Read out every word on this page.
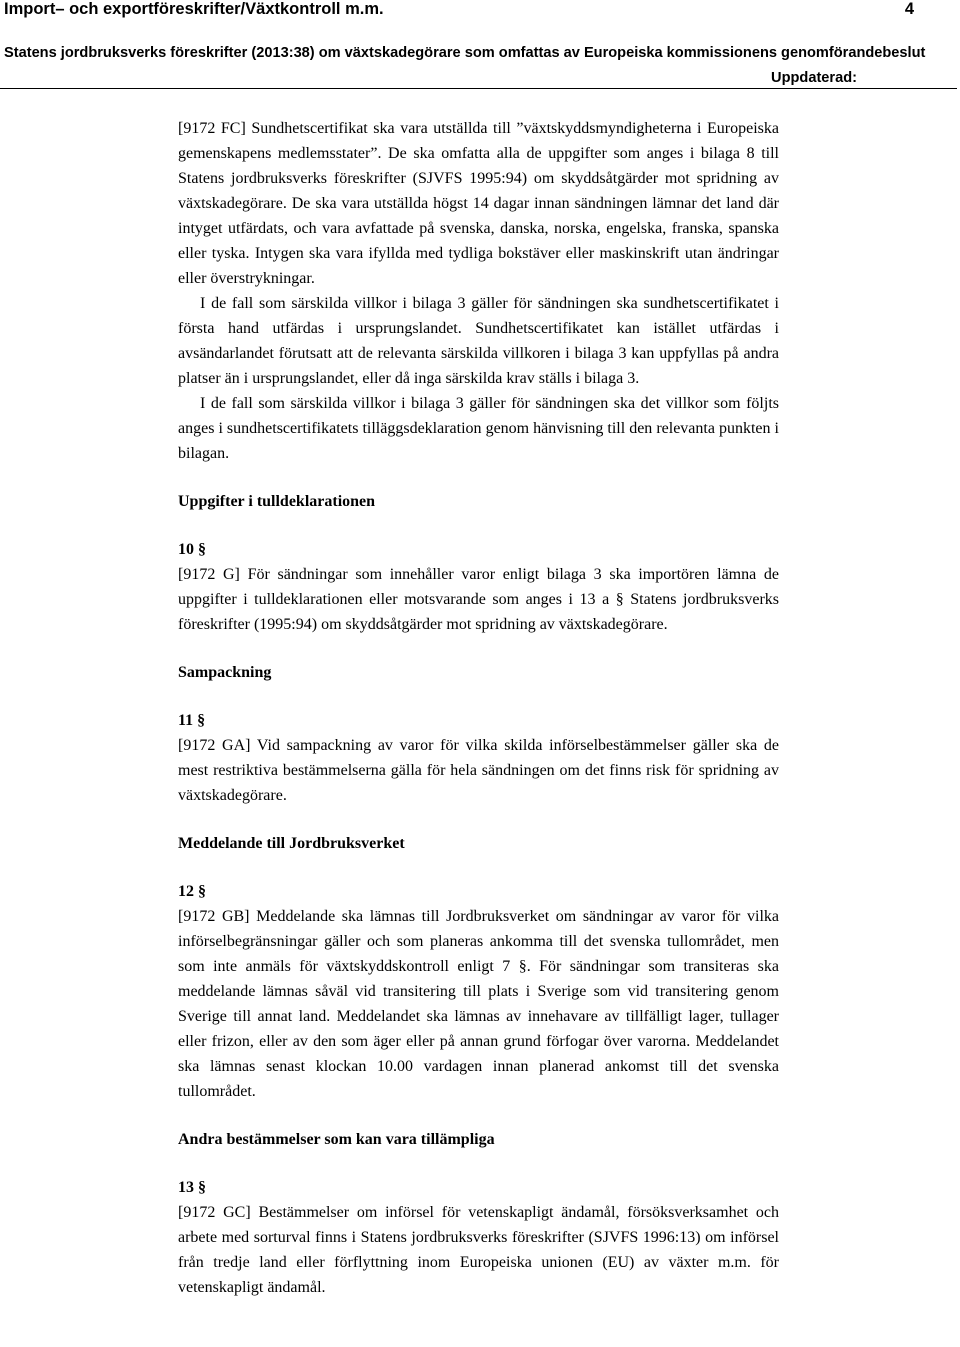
Import– och exportföreskrifter/Växtkontroll m.m.	4
Statens jordbruksverks föreskrifter (2013:38) om växtskadegörare som omfattas av Europeiska kommissionens genomförandebeslut
Uppdaterad:

[9172 FC] Sundhetscertifikat ska vara utställda till ”växtskyddsmyndigheterna i Europeiska gemenskapens medlemsstater”. De ska omfatta alla de uppgifter som anges i bilaga 8 till Statens jordbruksverks föreskrifter (SJVFS 1995:94) om skyddsåtgärder mot spridning av växtskadegörare. De ska vara utställda högst 14 dagar innan sändningen lämnar det land där intyget utfärdats, och vara avfattade på svenska, danska, norska, engelska, franska, spanska eller tyska. Intygen ska vara ifyllda med tydliga bokstäver eller maskinskrift utan ändringar eller överstrykningar.

I de fall som särskilda villkor i bilaga 3 gäller för sändningen ska sundhetscertifikatet i första hand utfärdas i ursprungslandet. Sundhetscertifikatet kan istället utfärdas i avsändarlandet förutsatt att de relevanta särskilda villkoren i bilaga 3 kan uppfyllas på andra platser än i ursprungslandet, eller då inga särskilda krav ställs i bilaga 3.

I de fall som särskilda villkor i bilaga 3 gäller för sändningen ska det villkor som följts anges i sundhetscertifikatets tilläggsdeklaration genom hänvisning till den relevanta punkten i bilagan.

Uppgifter i tulldeklarationen
10 §

[9172 G] För sändningar som innehåller varor enligt bilaga 3 ska importören lämna de uppgifter i tulldeklarationen eller motsvarande som anges i 13 a § Statens jordbruksverks föreskrifter (1995:94) om skyddsåtgärder mot spridning av växtskadegörare.

Sampackning
11 §

[9172 GA] Vid sampackning av varor för vilka skilda införselbestämmelser gäller ska de mest restriktiva bestämmelserna gälla för hela sändningen om det finns risk för spridning av växtskadegörare.

Meddelande till Jordbruksverket
12 §

[9172 GB] Meddelande ska lämnas till Jordbruksverket om sändningar av varor för vilka införselbegränsningar gäller och som planeras ankomma till det svenska tullområdet, men som inte anmäls för växtskyddskontroll enligt 7 §. För sändningar som transiteras ska meddelande lämnas såväl vid transitering till plats i Sverige som vid transitering genom Sverige till annat land. Meddelandet ska lämnas av innehavare av tillfälligt lager, tullager eller frizon, eller av den som äger eller på annan grund förfogar över varorna. Meddelandet ska lämnas senast klockan 10.00 vardagen innan planerad ankomst till det svenska tullområdet.

Andra bestämmelser som kan vara tillämpliga
13 §

[9172 GC] Bestämmelser om införsel för vetenskapligt ändamål, försöksverksamhet och arbete med sorturval finns i Statens jordbruksverks föreskrifter (SJVFS 1996:13) om införsel från tredje land eller förflyttning inom Europeiska unionen (EU) av växter m.m. för vetenskapligt ändamål.
